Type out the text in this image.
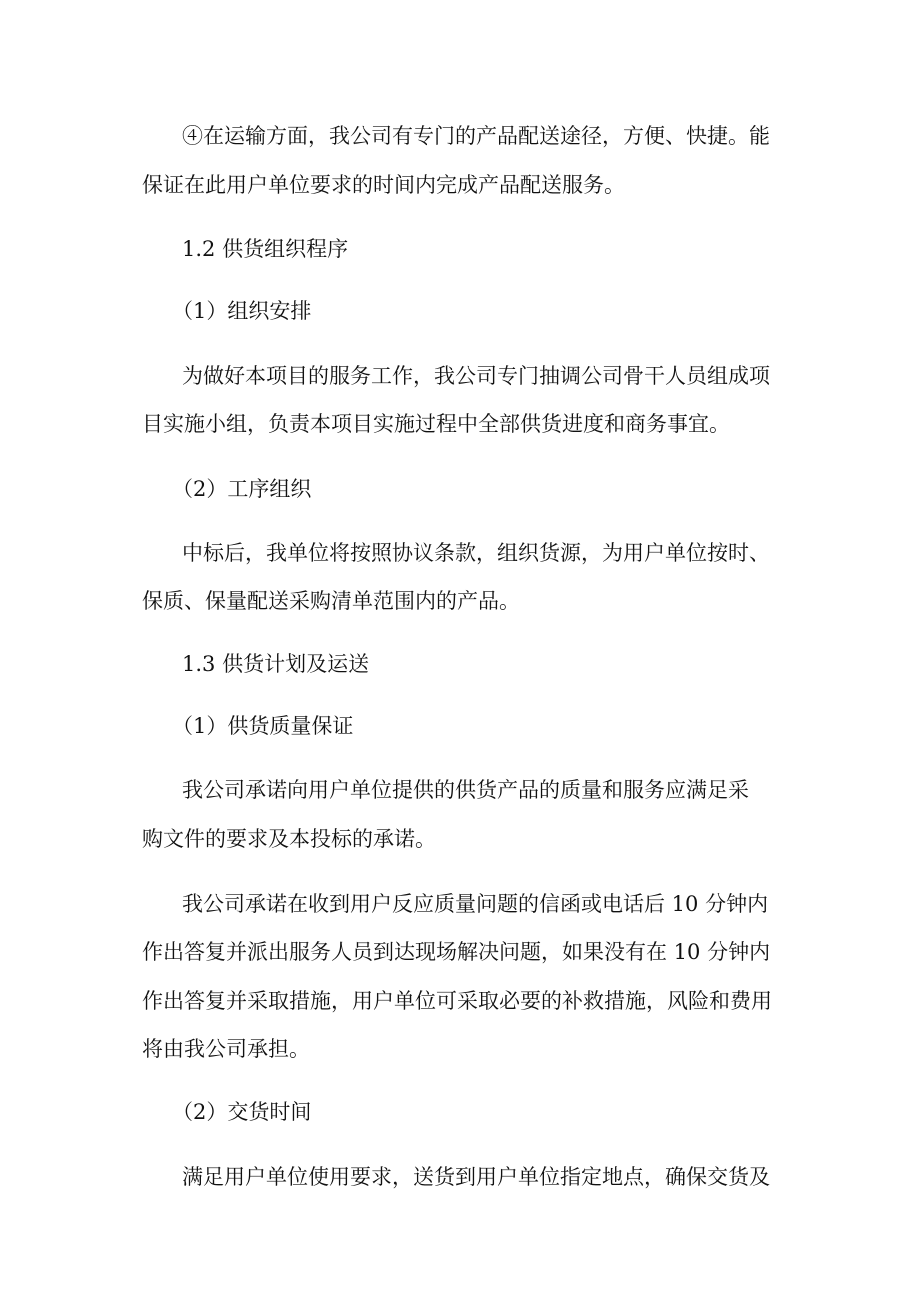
④在运输方面，我公司有专门的产品配送途径，方便、快捷。能
保证在此用户单位要求的时间内完成产品配送服务。
1.2 供货组织程序
（1）组织安排
为做好本项目的服务工作，我公司专门抽调公司骨干人员组成项
目实施小组，负责本项目实施过程中全部供货进度和商务事宜。
（2）工序组织
中标后，我单位将按照协议条款，组织货源，为用户单位按时、
保质、保量配送采购清单范围内的产品。
1.3 供货计划及运送
（1）供货质量保证
我公司承诺向用户单位提供的供货产品的质量和服务应满足采
购文件的要求及本投标的承诺。
我公司承诺在收到用户反应质量问题的信函或电话后 10 分钟内
作出答复并派出服务人员到达现场解决问题，如果没有在 10 分钟内
作出答复并采取措施，用户单位可采取必要的补救措施，风险和费用
将由我公司承担。
（2）交货时间
满足用户单位使用要求，送货到用户单位指定地点，确保交货及
